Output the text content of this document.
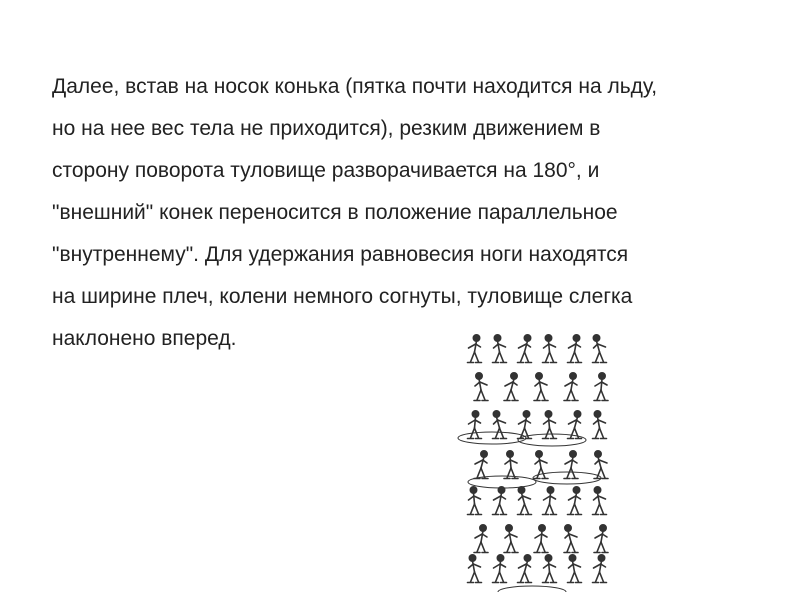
Далее, встав на носок конька (пятка почти находится на льду,

но на нее вес тела не приходится), резким движением в

сторону поворота туловище разворачивается на 180°, и

"внешний" конек переносится в положение параллельное

"внутреннему". Для удержания равновесия ноги находятся

на ширине плеч, колени немного согнуты, туловище слегка

наклонено вперед.
